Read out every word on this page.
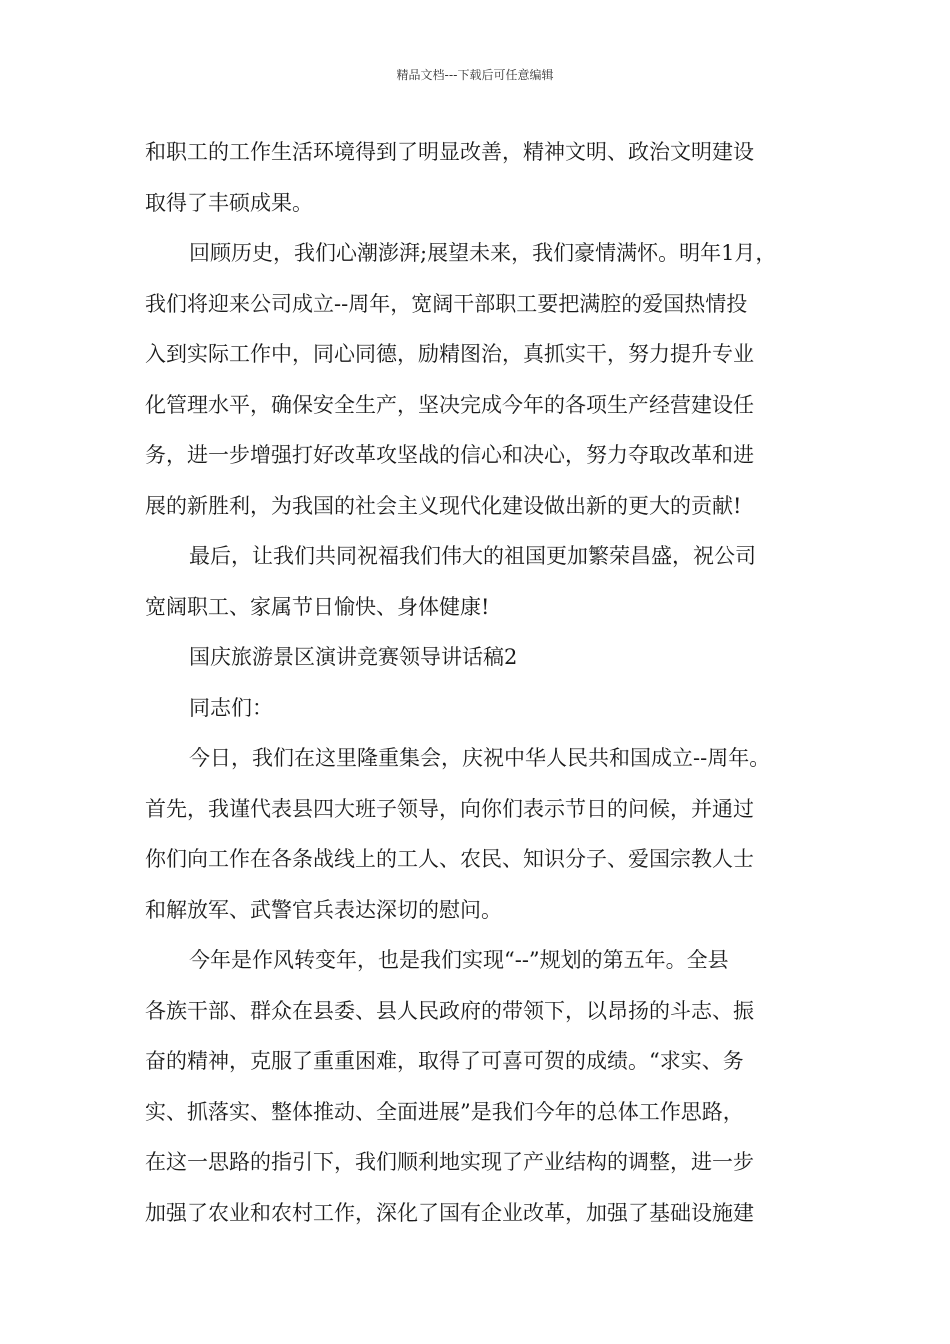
精品文档---下载后可任意编辑
和职工的工作生活环境得到了明显改善，精神文明、政治文明建设
取得了丰硕成果。
回顾历史，我们心潮澎湃;展望未来，我们豪情满怀。明年1月，
我们将迎来公司成立--周年，宽阔干部职工要把满腔的爱国热情投
入到实际工作中，同心同德，励精图治，真抓实干，努力提升专业
化管理水平，确保安全生产，坚决完成今年的各项生产经营建设任
务，进一步增强打好改革攻坚战的信心和决心，努力夺取改革和进
展的新胜利，为我国的社会主义现代化建设做出新的更大的贡献!
最后，让我们共同祝福我们伟大的祖国更加繁荣昌盛，祝公司
宽阔职工、家属节日愉快、身体健康!
国庆旅游景区演讲竞赛领导讲话稿2
同志们：
今日，我们在这里隆重集会，庆祝中华人民共和国成立--周年。
首先，我谨代表县四大班子领导，向你们表示节日的问候，并通过
你们向工作在各条战线上的工人、农民、知识分子、爱国宗教人士
和解放军、武警官兵表达深切的慰问。
今年是作风转变年，也是我们实现“--”规划的第五年。全县
各族干部、群众在县委、县人民政府的带领下，以昂扬的斗志、振
奋的精神，克服了重重困难，取得了可喜可贺的成绩。“求实、务
实、抓落实、整体推动、全面进展”是我们今年的总体工作思路，
在这一思路的指引下，我们顺利地实现了产业结构的调整，进一步
加强了农业和农村工作，深化了国有企业改革，加强了基础设施建
